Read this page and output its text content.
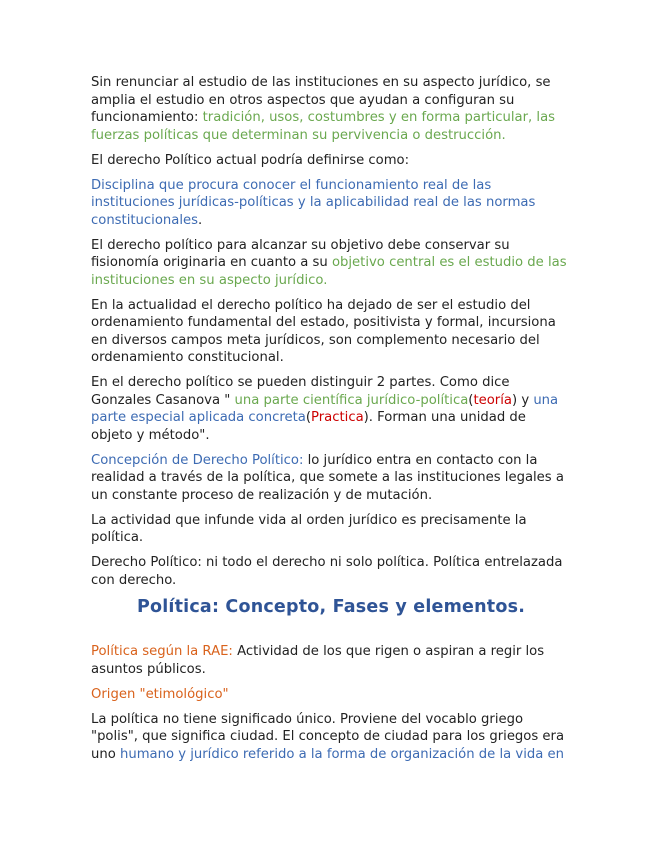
Sin renunciar al estudio de las instituciones en su aspecto jurídico, se amplia el estudio en otros aspectos que ayudan a configuran su funcionamiento: tradición, usos, costumbres y en forma particular, las fuerzas políticas que determinan su pervivencia o destrucción.

El derecho Político actual podría definirse como:

Disciplina que procura conocer el funcionamiento real de las instituciones jurídicas-políticas y la aplicabilidad real de las normas constitucionales.

El derecho político para alcanzar su objetivo debe conservar su fisionomía originaria en cuanto a su objetivo central es el estudio de las instituciones en su aspecto jurídico.

En la actualidad el derecho político ha dejado de ser el estudio del ordenamiento fundamental del estado, positivista y formal, incursiona en diversos campos meta jurídicos, son complemento necesario del ordenamiento constitucional.

En el derecho político se pueden distinguir 2 partes. Como dice Gonzales Casanova " una parte científica jurídico-política(teoría) y una parte especial aplicada concreta(Practica). Forman una unidad de objeto y método".

Concepción de Derecho Político: lo jurídico entra en contacto con la realidad a través de la política, que somete a las instituciones legales a un constante proceso de realización y de mutación.

La actividad que infunde vida al orden jurídico es precisamente la política.

Derecho Político: ni todo el derecho ni solo política. Política entrelazada con derecho.

Política: Concepto, Fases y elementos.

Política según la RAE: Actividad de los que rigen o aspiran a regir los asuntos públicos.

Origen "etimológico"

La política no tiene significado único. Proviene del vocablo griego "polis", que significa ciudad. El concepto de ciudad para los griegos era uno humano y jurídico referido a la forma de organización de la vida en
